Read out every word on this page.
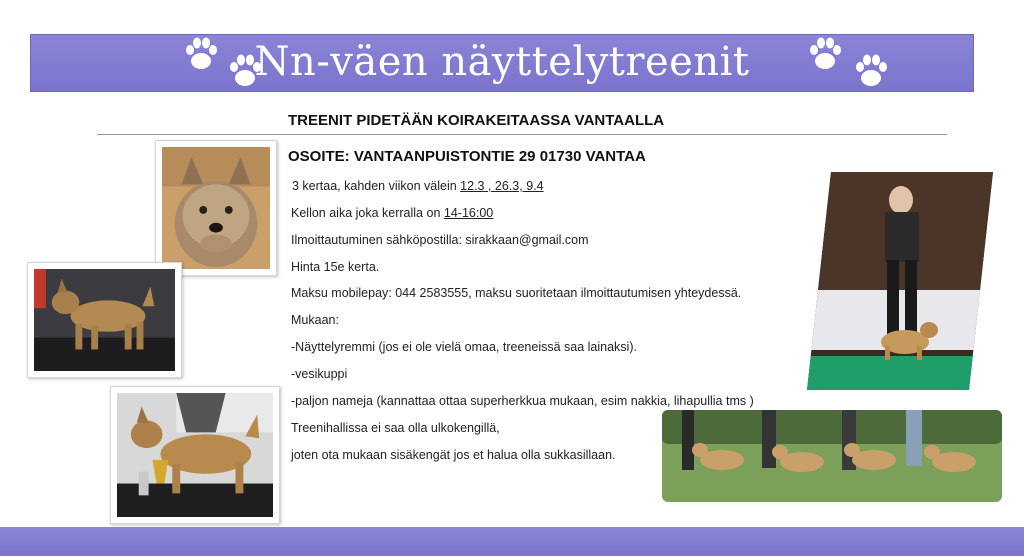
Nn-väen näyttelytreenit
TREENIT PIDETÄÄN KOIRAKEITAASSA VANTAALLA
OSOITE: VANTAANPUISTONTIE 29 01730 VANTAA
3 kertaa, kahden viikon välein 12.3 , 26.3, 9.4
Kellon aika joka kerralla on 14-16:00
Ilmoittautuminen sähköpostilla: sirakkaan@gmail.com
Hinta 15e kerta.
Maksu mobilepay: 044 2583555, maksu suoritetaan ilmoittautumisen yhteydessä.
Mukaan:
-Näyttelyremmi (jos ei ole vielä omaa, treeneissä saa lainaksi).
-vesikuppi
-paljon nameja (kannattaa ottaa superherkkua mukaan, esim nakkia, lihapullia tms )
Treenihallissa ei saa olla ulkokengillä,
joten ota mukaan sisäkengät jos et halua olla sukkasillaan.
